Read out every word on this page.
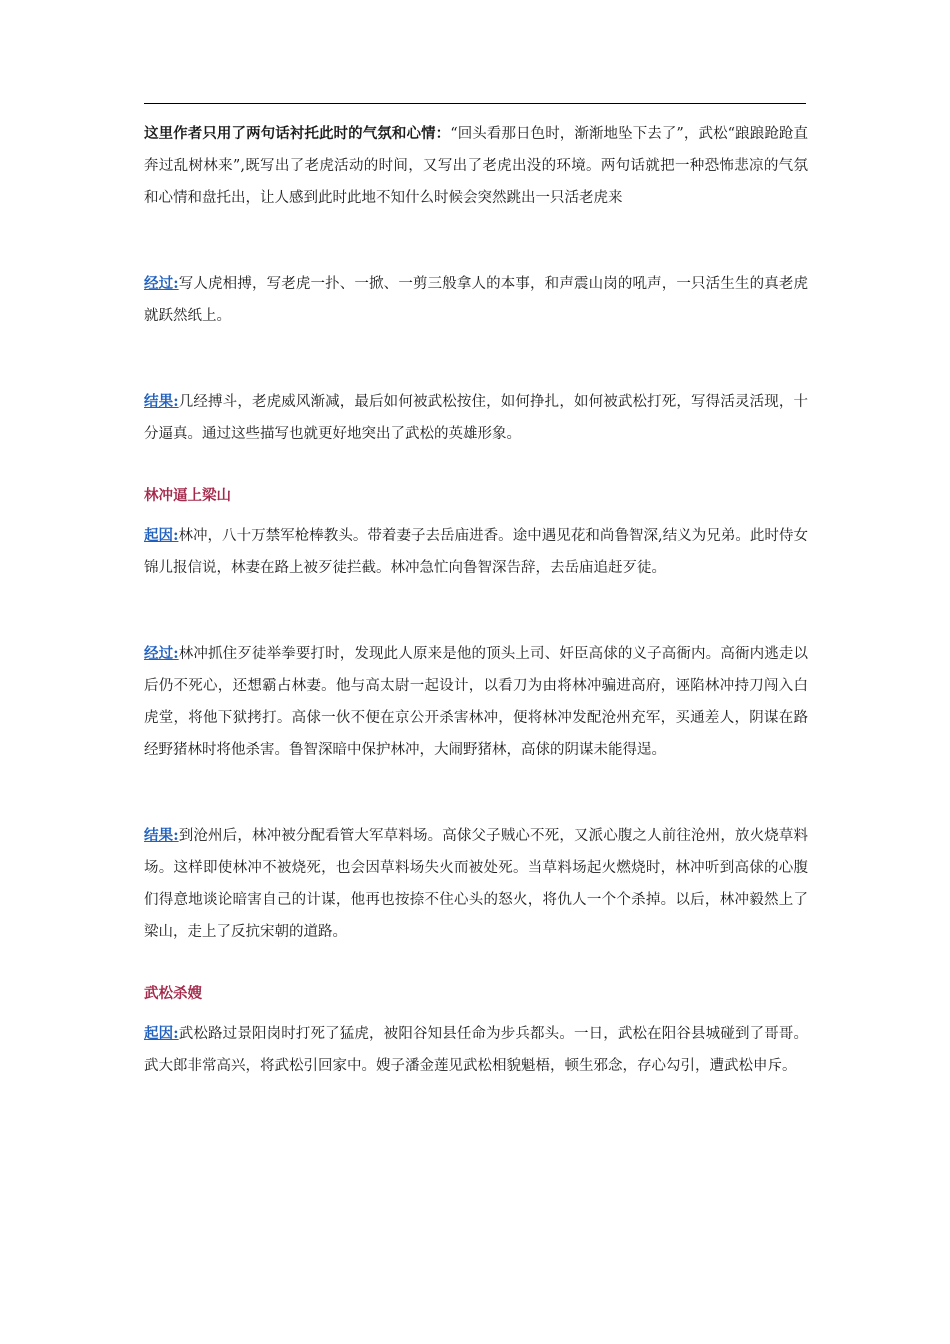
这里作者只用了两句话衬托此时的气氛和心情：“回头看那日色时，渐渐地坠下去了”，武松“踉踉跄跄直奔过乱树林来”,既写出了老虎活动的时间，又写出了老虎出没的环境。两句话就把一种恐怖悲凉的气氛和心情和盘托出，让人感到此时此地不知什么时候会突然跳出一只活老虎来

经过:写人虎相搏，写老虎一扑、一掀、一剪三般拿人的本事，和声震山岗的吼声，一只活生生的真老虎就跃然纸上。

结果:几经搏斗，老虎威风渐减，最后如何被武松按住，如何挣扎，如何被武松打死，写得活灵活现，十分逼真。通过这些描写也就更好地突出了武松的英雄形象。

林冲逼上梁山

起因:林冲，八十万禁军枪棒教头。带着妻子去岳庙进香。途中遇见花和尚鲁智深,结义为兄弟。此时侍女锦儿报信说，林妻在路上被歹徒拦截。林冲急忙向鲁智深告辞，去岳庙追赶歹徒。

经过:林冲抓住歹徒举拳要打时，发现此人原来是他的顶头上司、奸臣高俅的义子高衙内。高衙内逃走以后仍不死心，还想霸占林妻。他与高太尉一起设计，以看刀为由将林冲骗进高府，诬陷林冲持刀闯入白虎堂，将他下狱拷打。高俅一伙不便在京公开杀害林冲，便将林冲发配沧州充军，买通差人，阴谋在路经野猪林时将他杀害。鲁智深暗中保护林冲，大闹野猪林，高俅的阴谋未能得逞。

结果:到沧州后，林冲被分配看管大军草料场。高俅父子贼心不死，又派心腹之人前往沧州，放火烧草料场。这样即使林冲不被烧死，也会因草料场失火而被处死。当草料场起火燃烧时，林冲听到高俅的心腹们得意地谈论暗害自己的计谋，他再也按捺不住心头的怒火，将仇人一个个杀掉。以后，林冲毅然上了梁山，走上了反抗宋朝的道路。

武松杀嫂

起因:武松路过景阳岗时打死了猛虎，被阳谷知县任命为步兵都头。一日，武松在阳谷县城碰到了哥哥。武大郎非常高兴，将武松引回家中。嫂子潘金莲见武松相貌魁梧，顿生邪念，存心勾引，遭武松申斥。
